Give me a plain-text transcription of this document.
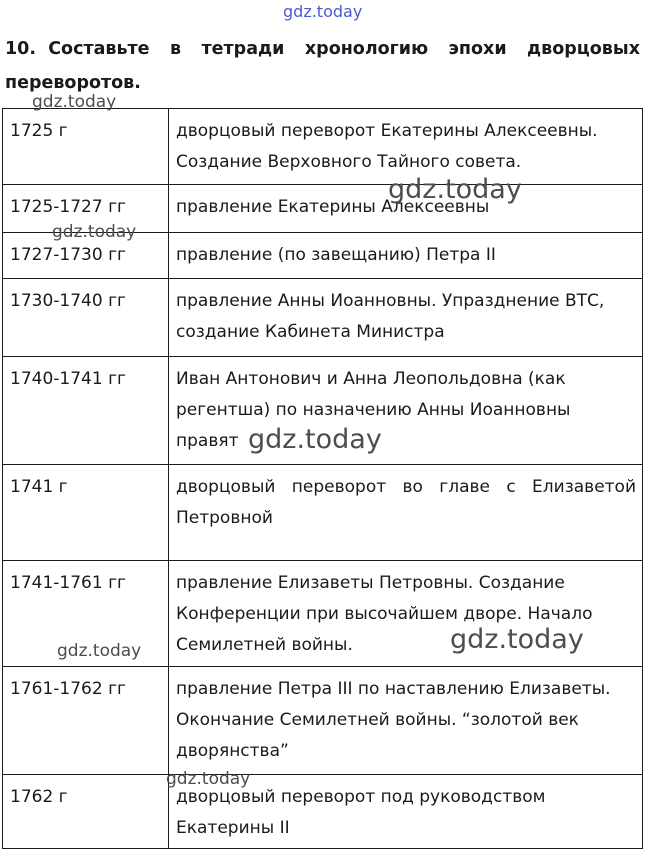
gdz.today
10. Составьте в тетради хронологию эпохи дворцовых
переворотов.
1725 г	дворцовый переворот Екатерины Алексеевны. Создание Верховного Тайного совета.
1725-1727 гг	правление Екатерины Алексеевны
1727-1730 гг	правление (по завещанию) Петра II
1730-1740 гг	правление Анны Иоанновны. Упразднение ВТС, создание Кабинета Министра
1740-1741 гг	Иван Антонович и Анна Леопольдовна (как регентша) по назначению Анны Иоанновны правят
1741 г	дворцовый переворот во главе с Елизаветой Петровной
1741-1761 гг	правление Елизаветы Петровны. Создание Конференции при высочайшем дворе. Начало Семилетней войны.
1761-1762 гг	правление Петра III по наставлению Елизаветы. Окончание Семилетней войны. “золотой век дворянства”
1762 г	дворцовый переворот под руководством Екатерины II
gdz.today
gdz.today
gdz.today
gdz.today
gdz.today
gdz.today
gdz.today
